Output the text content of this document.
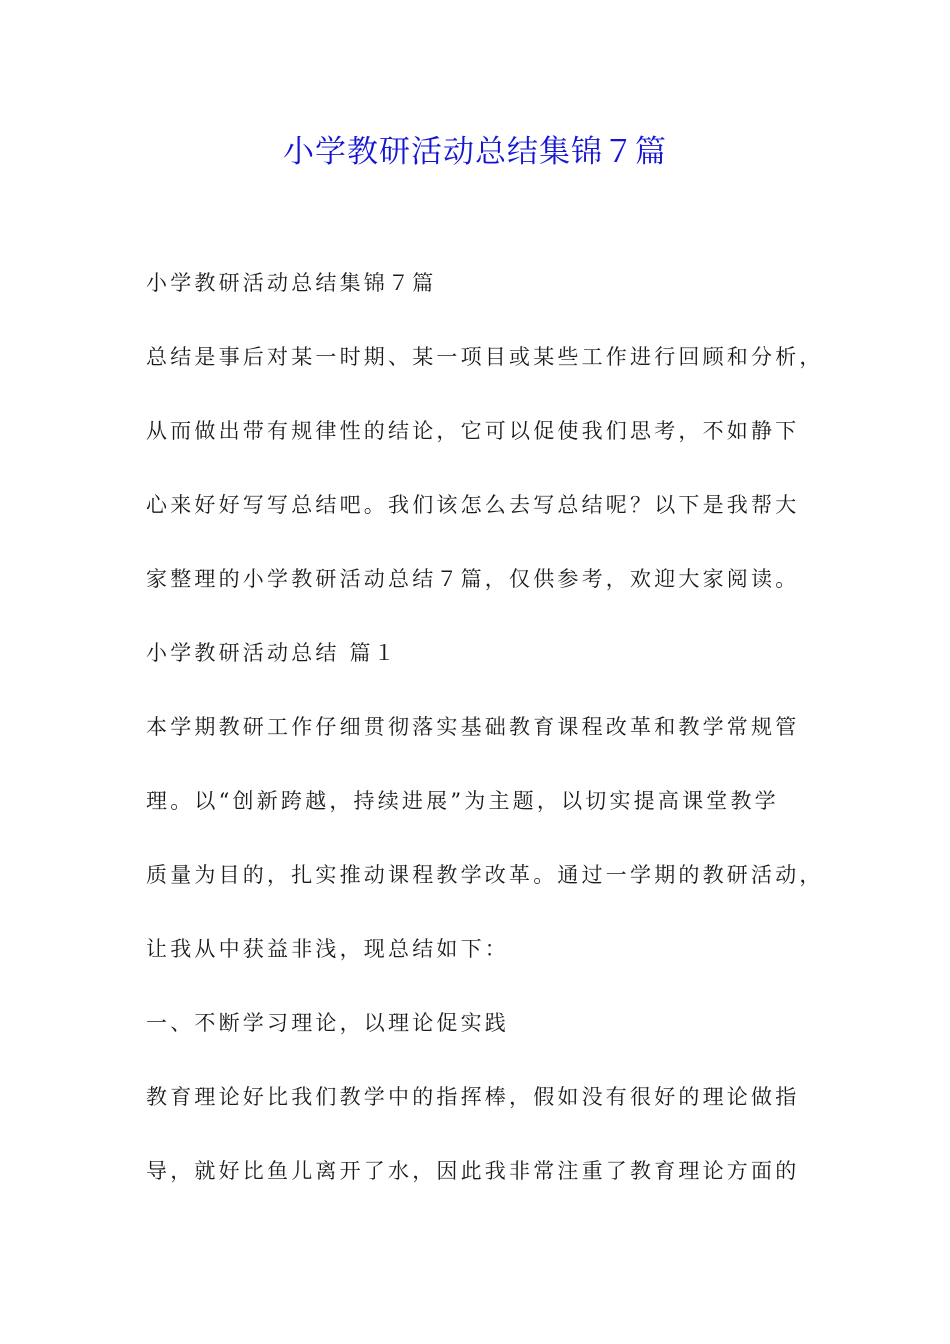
小学教研活动总结集锦７篇

小学教研活动总结集锦７篇

总结是事后对某一时期、某一项目或某些工作进行回顾和分析，

从而做出带有规律性的结论，它可以促使我们思考，不如静下

心来好好写写总结吧。我们该怎么去写总结呢？以下是我帮大

家整理的小学教研活动总结７篇，仅供参考，欢迎大家阅读。

小学教研活动总结 篇１

本学期教研工作仔细贯彻落实基础教育课程改革和教学常规管

理。以“创新跨越，持续进展”为主题，以切实提高课堂教学

质量为目的，扎实推动课程教学改革。通过一学期的教研活动，

让我从中获益非浅，现总结如下：

一、不断学习理论，以理论促实践

教育理论好比我们教学中的指挥棒，假如没有很好的理论做指

导，就好比鱼儿离开了水，因此我非常注重了教育理论方面的
